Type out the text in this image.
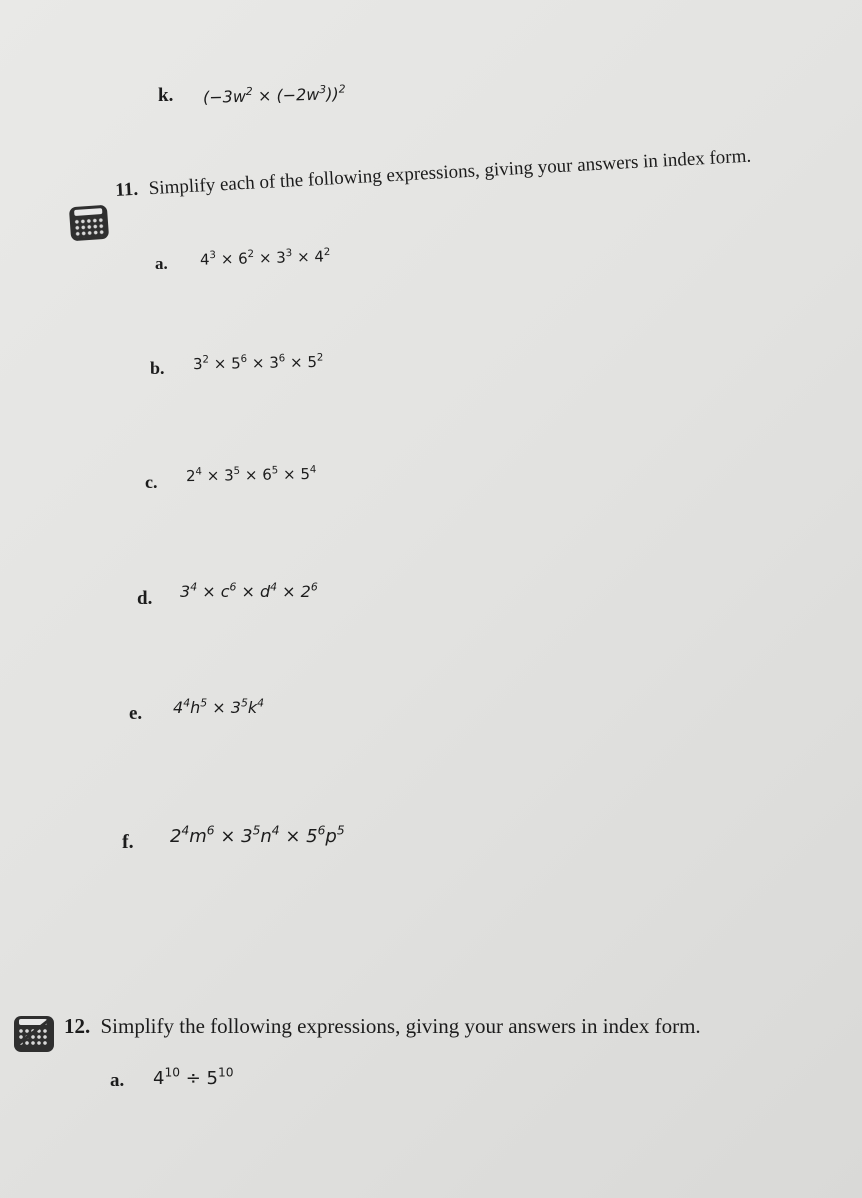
k. $(-3w^2 \times (-2w^3))^2$
11. Simplify each of the following expressions, giving your answers in index form.
a. $4^3 \times 6^2 \times 3^3 \times 4^2$
b. $3^2 \times 5^6 \times 3^6 \times 5^2$
c. $2^4 \times 3^5 \times 6^5 \times 5^4$
d. $3^4 \times c^6 \times d^4 \times 2^6$
e. $4^4h^5 \times 3^5k^4$
f. $2^4m^6 \times 3^5n^4 \times 5^6p^5$
12. Simplify the following expressions, giving your answers in index form.
a. $4^{10} \div 5^{10}$
